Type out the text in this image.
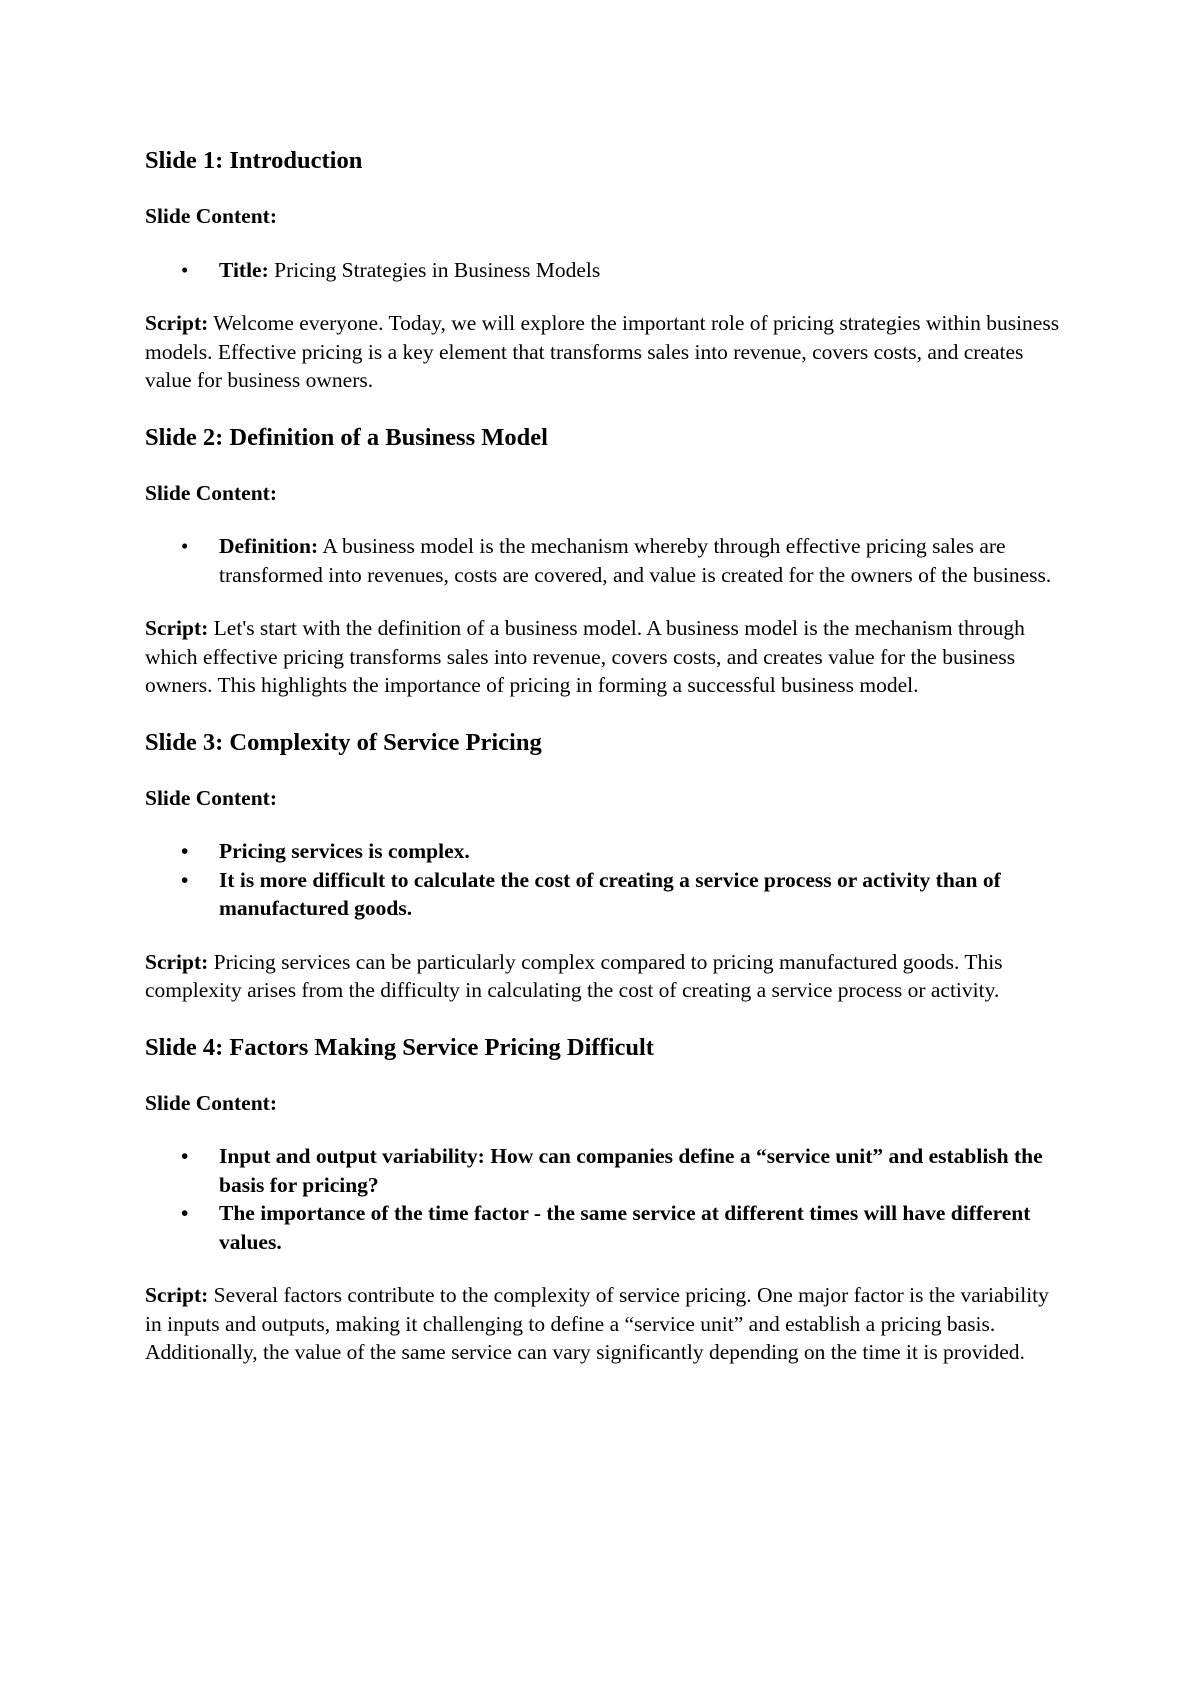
Slide 1: Introduction
Slide Content:
• Title: Pricing Strategies in Business Models

Script: Welcome everyone. Today, we will explore the important role of pricing strategies within business models. Effective pricing is a key element that transforms sales into revenue, covers costs, and creates value for business owners.

Slide 2: Definition of a Business Model
Slide Content:
• Definition: A business model is the mechanism whereby through effective pricing sales are transformed into revenues, costs are covered, and value is created for the owners of the business.

Script: Let's start with the definition of a business model. A business model is the mechanism through which effective pricing transforms sales into revenue, covers costs, and creates value for the business owners. This highlights the importance of pricing in forming a successful business model.

Slide 3: Complexity of Service Pricing
Slide Content:
• Pricing services is complex.
• It is more difficult to calculate the cost of creating a service process or activity than of manufactured goods.

Script: Pricing services can be particularly complex compared to pricing manufactured goods. This complexity arises from the difficulty in calculating the cost of creating a service process or activity.

Slide 4: Factors Making Service Pricing Difficult
Slide Content:
• Input and output variability: How can companies define a “service unit” and establish the basis for pricing?
• The importance of the time factor - the same service at different times will have different values.

Script: Several factors contribute to the complexity of service pricing. One major factor is the variability in inputs and outputs, making it challenging to define a “service unit” and establish a pricing basis. Additionally, the value of the same service can vary significantly depending on the time it is provided.
